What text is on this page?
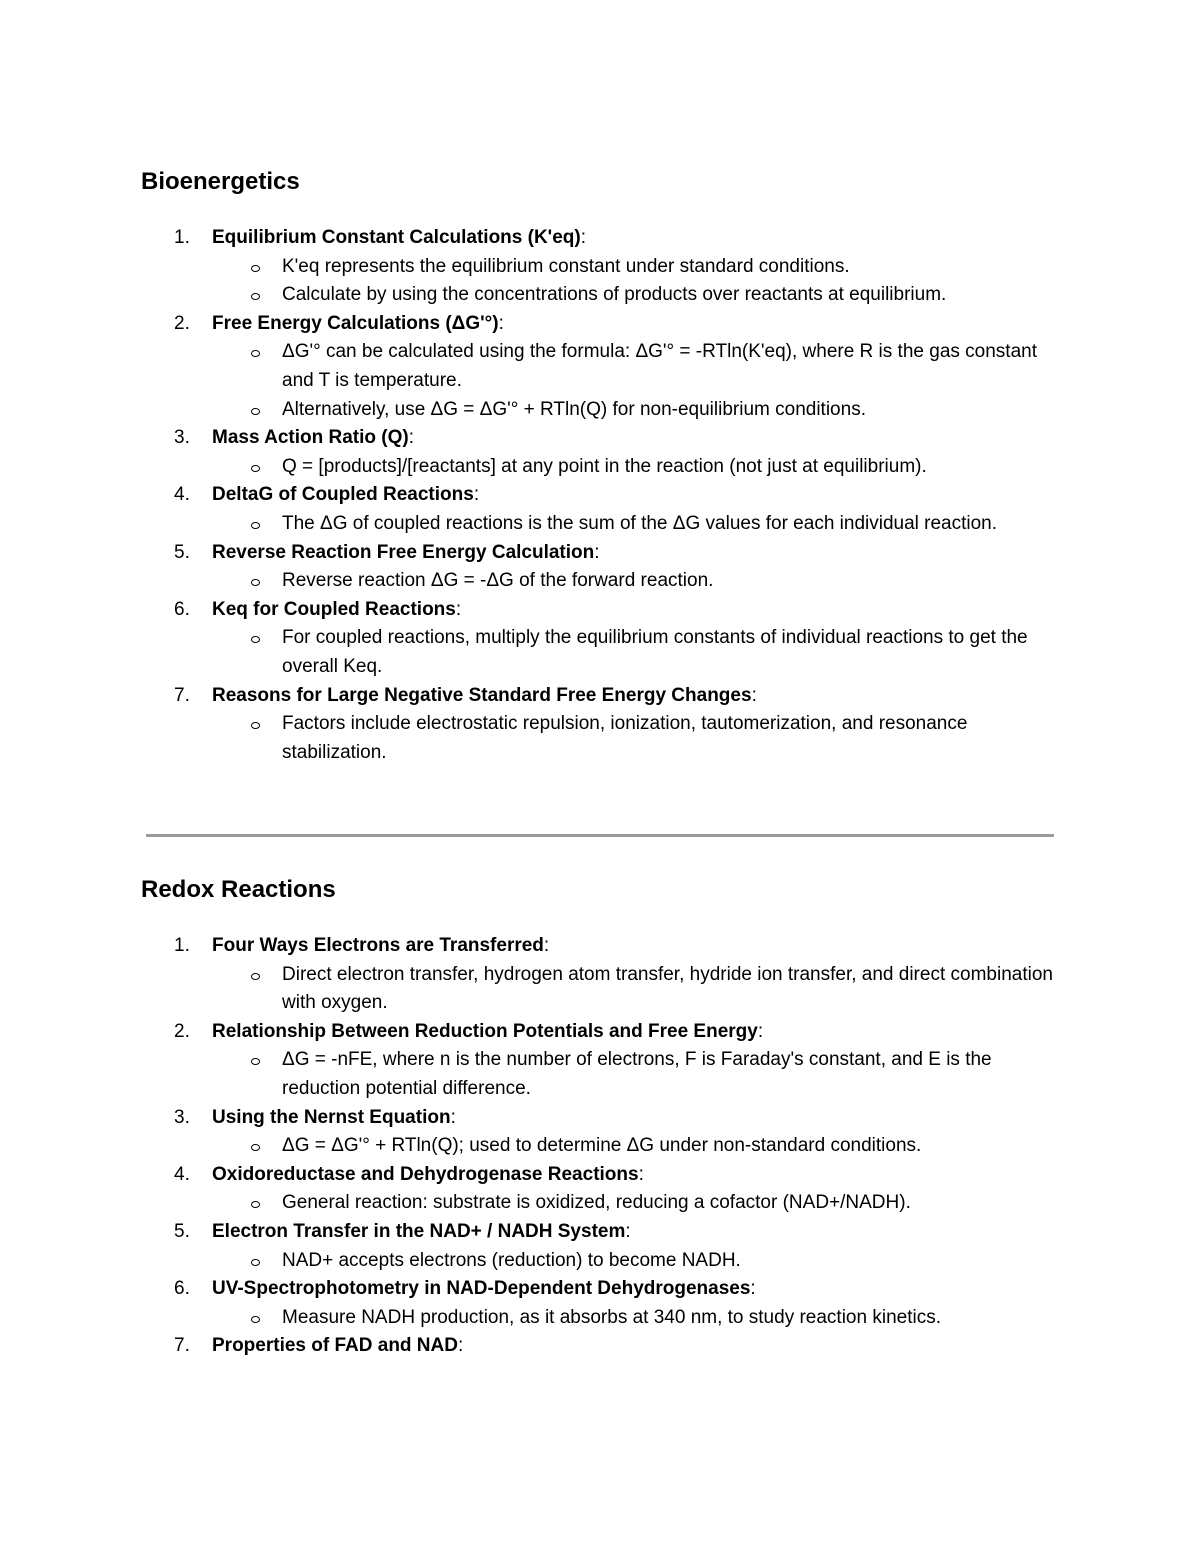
Bioenergetics
1. Equilibrium Constant Calculations (K'eq):
K'eq represents the equilibrium constant under standard conditions.
Calculate by using the concentrations of products over reactants at equilibrium.
2. Free Energy Calculations (ΔG'°):
ΔG'° can be calculated using the formula: ΔG'° = -RTln(K'eq), where R is the gas constant and T is temperature.
Alternatively, use ΔG = ΔG'° + RTln(Q) for non-equilibrium conditions.
3. Mass Action Ratio (Q):
Q = [products]/[reactants] at any point in the reaction (not just at equilibrium).
4. DeltaG of Coupled Reactions:
The ΔG of coupled reactions is the sum of the ΔG values for each individual reaction.
5. Reverse Reaction Free Energy Calculation:
Reverse reaction ΔG = -ΔG of the forward reaction.
6. Keq for Coupled Reactions:
For coupled reactions, multiply the equilibrium constants of individual reactions to get the overall Keq.
7. Reasons for Large Negative Standard Free Energy Changes:
Factors include electrostatic repulsion, ionization, tautomerization, and resonance stabilization.
Redox Reactions
1. Four Ways Electrons are Transferred:
Direct electron transfer, hydrogen atom transfer, hydride ion transfer, and direct combination with oxygen.
2. Relationship Between Reduction Potentials and Free Energy:
ΔG = -nFE, where n is the number of electrons, F is Faraday's constant, and E is the reduction potential difference.
3. Using the Nernst Equation:
ΔG = ΔG'° + RTln(Q); used to determine ΔG under non-standard conditions.
4. Oxidoreductase and Dehydrogenase Reactions:
General reaction: substrate is oxidized, reducing a cofactor (NAD+/NADH).
5. Electron Transfer in the NAD+ / NADH System:
NAD+ accepts electrons (reduction) to become NADH.
6. UV-Spectrophotometry in NAD-Dependent Dehydrogenases:
Measure NADH production, as it absorbs at 340 nm, to study reaction kinetics.
7. Properties of FAD and NAD:
